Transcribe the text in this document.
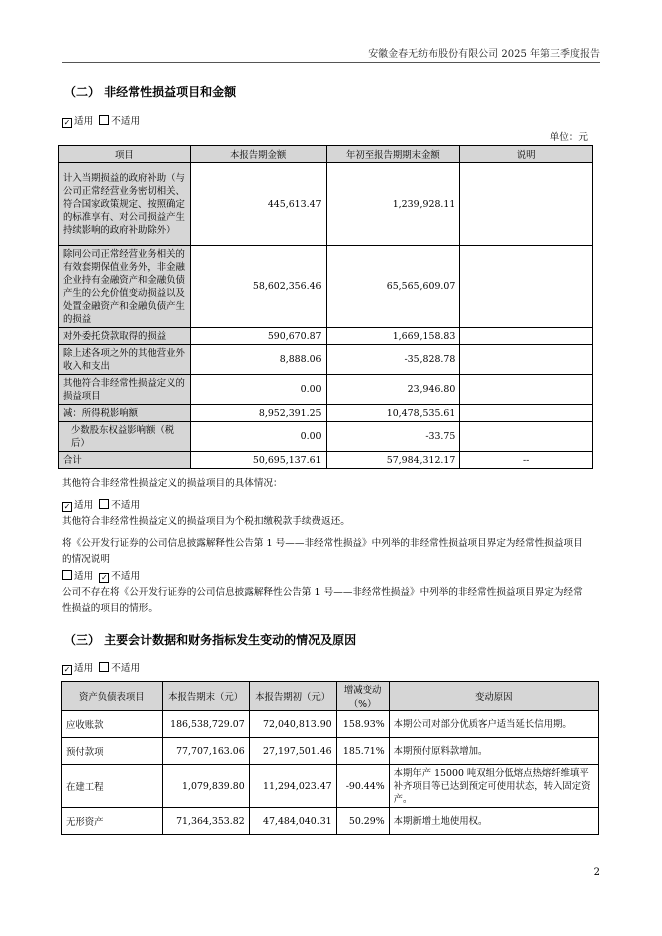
安徽金春无纺布股份有限公司 2025 年第三季度报告
（二） 非经常性损益项目和金额
✓ 适用 不适用
单位：元
项目	本报告期金额	年初至报告期期末金额	说明
计入当期损益的政府补助（与公司正常经营业务密切相关、符合国家政策规定、按照确定的标准享有、对公司损益产生持续影响的政府补助除外）	445,613.47	1,239,928.11	
除同公司正常经营业务相关的有效套期保值业务外，非金融企业持有金融资产和金融负债产生的公允价值变动损益以及处置金融资产和金融负债产生的损益	58,602,356.46	65,565,609.07	
对外委托贷款取得的损益	590,670.87	1,669,158.83	
除上述各项之外的其他营业外收入和支出	8,888.06	-35,828.78	
其他符合非经常性损益定义的损益项目	0.00	23,946.80	
减：所得税影响额	8,952,391.25	10,478,535.61	
少数股东权益影响额（税后）	0.00	-33.75	
合计	50,695,137.61	57,984,312.17	--
其他符合非经常性损益定义的损益项目的具体情况：
✓ 适用 不适用
其他符合非经常性损益定义的损益项目为个税扣缴税款手续费返还。
将《公开发行证券的公司信息披露解释性公告第 1 号——非经常性损益》中列举的非经常性损益项目界定为经常性损益项目的情况说明
适用 ✓ 不适用
公司不存在将《公开发行证券的公司信息披露解释性公告第 1 号——非经常性损益》中列举的非经常性损益项目界定为经常性损益的项目的情形。
（三） 主要会计数据和财务指标发生变动的情况及原因
✓ 适用 不适用
资产负债表项目	本报告期末（元）	本报告期初（元）	增减变动（%）	变动原因
应收账款	186,538,729.07	72,040,813.90	158.93%	本期公司对部分优质客户适当延长信用期。
预付款项	77,707,163.06	27,197,501.46	185.71%	本期预付原料款增加。
在建工程	1,079,839.80	11,294,023.47	-90.44%	本期年产 15000 吨双组分低熔点热熔纤维填平补齐项目等已达到预定可使用状态，转入固定资产。
无形资产	71,364,353.82	47,484,040.31	50.29%	本期新增土地使用权。
2
